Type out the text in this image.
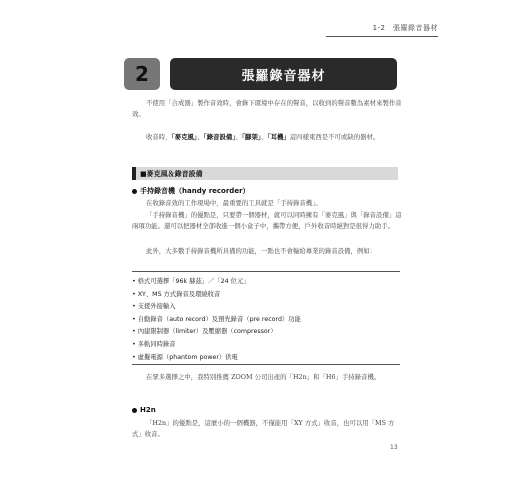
1-2　張羅錄音器材
2	張羅錄音器材

不使用「合成器」製作音效時，會錄下環境中存在的聲音，以收到的聲音數為素材來製作音效。

收音時，「麥克風」、「錄音設備」、「腳架」、「耳機」這四樣東西是不可或缺的器材。

■麥克風＆錄音設備
手持錄音機（handy recorder）

在收錄音效的工作現場中，最重要的工具就是「手持錄音機」。

「手持錄音機」的優點是，只要帶一個器材，就可以同時擁有「麥克風」與「錄音設備」這兩項功能。還可以把器材全部收進一個小盒子中，攜帶方便，戶外收音時絕對是很得力助手。

此外，大多數手持錄音機所具備的功能，一點也不會輸給專業的錄音設備，例如：

• 格式可選擇「96k 赫茲」／「24 位元」
• XY、MS 方式錄音及環繞收音
• 支援外接輸入
• 自動錄音（auto record）及預先錄音（pre record）功能
• 內建限制器（limiter）及壓縮器（compressor）
• 多軌同時錄音
• 虛擬電源（phantom power）供電

在眾多選擇之中，我特別推薦 ZOOM 公司出產的「H2n」和「H6」手持錄音機。

H2n

「H2n」的優點是，這麼小的一個機器，不僅能用「XY 方式」收音，也可以用「MS 方式」收音。

13
